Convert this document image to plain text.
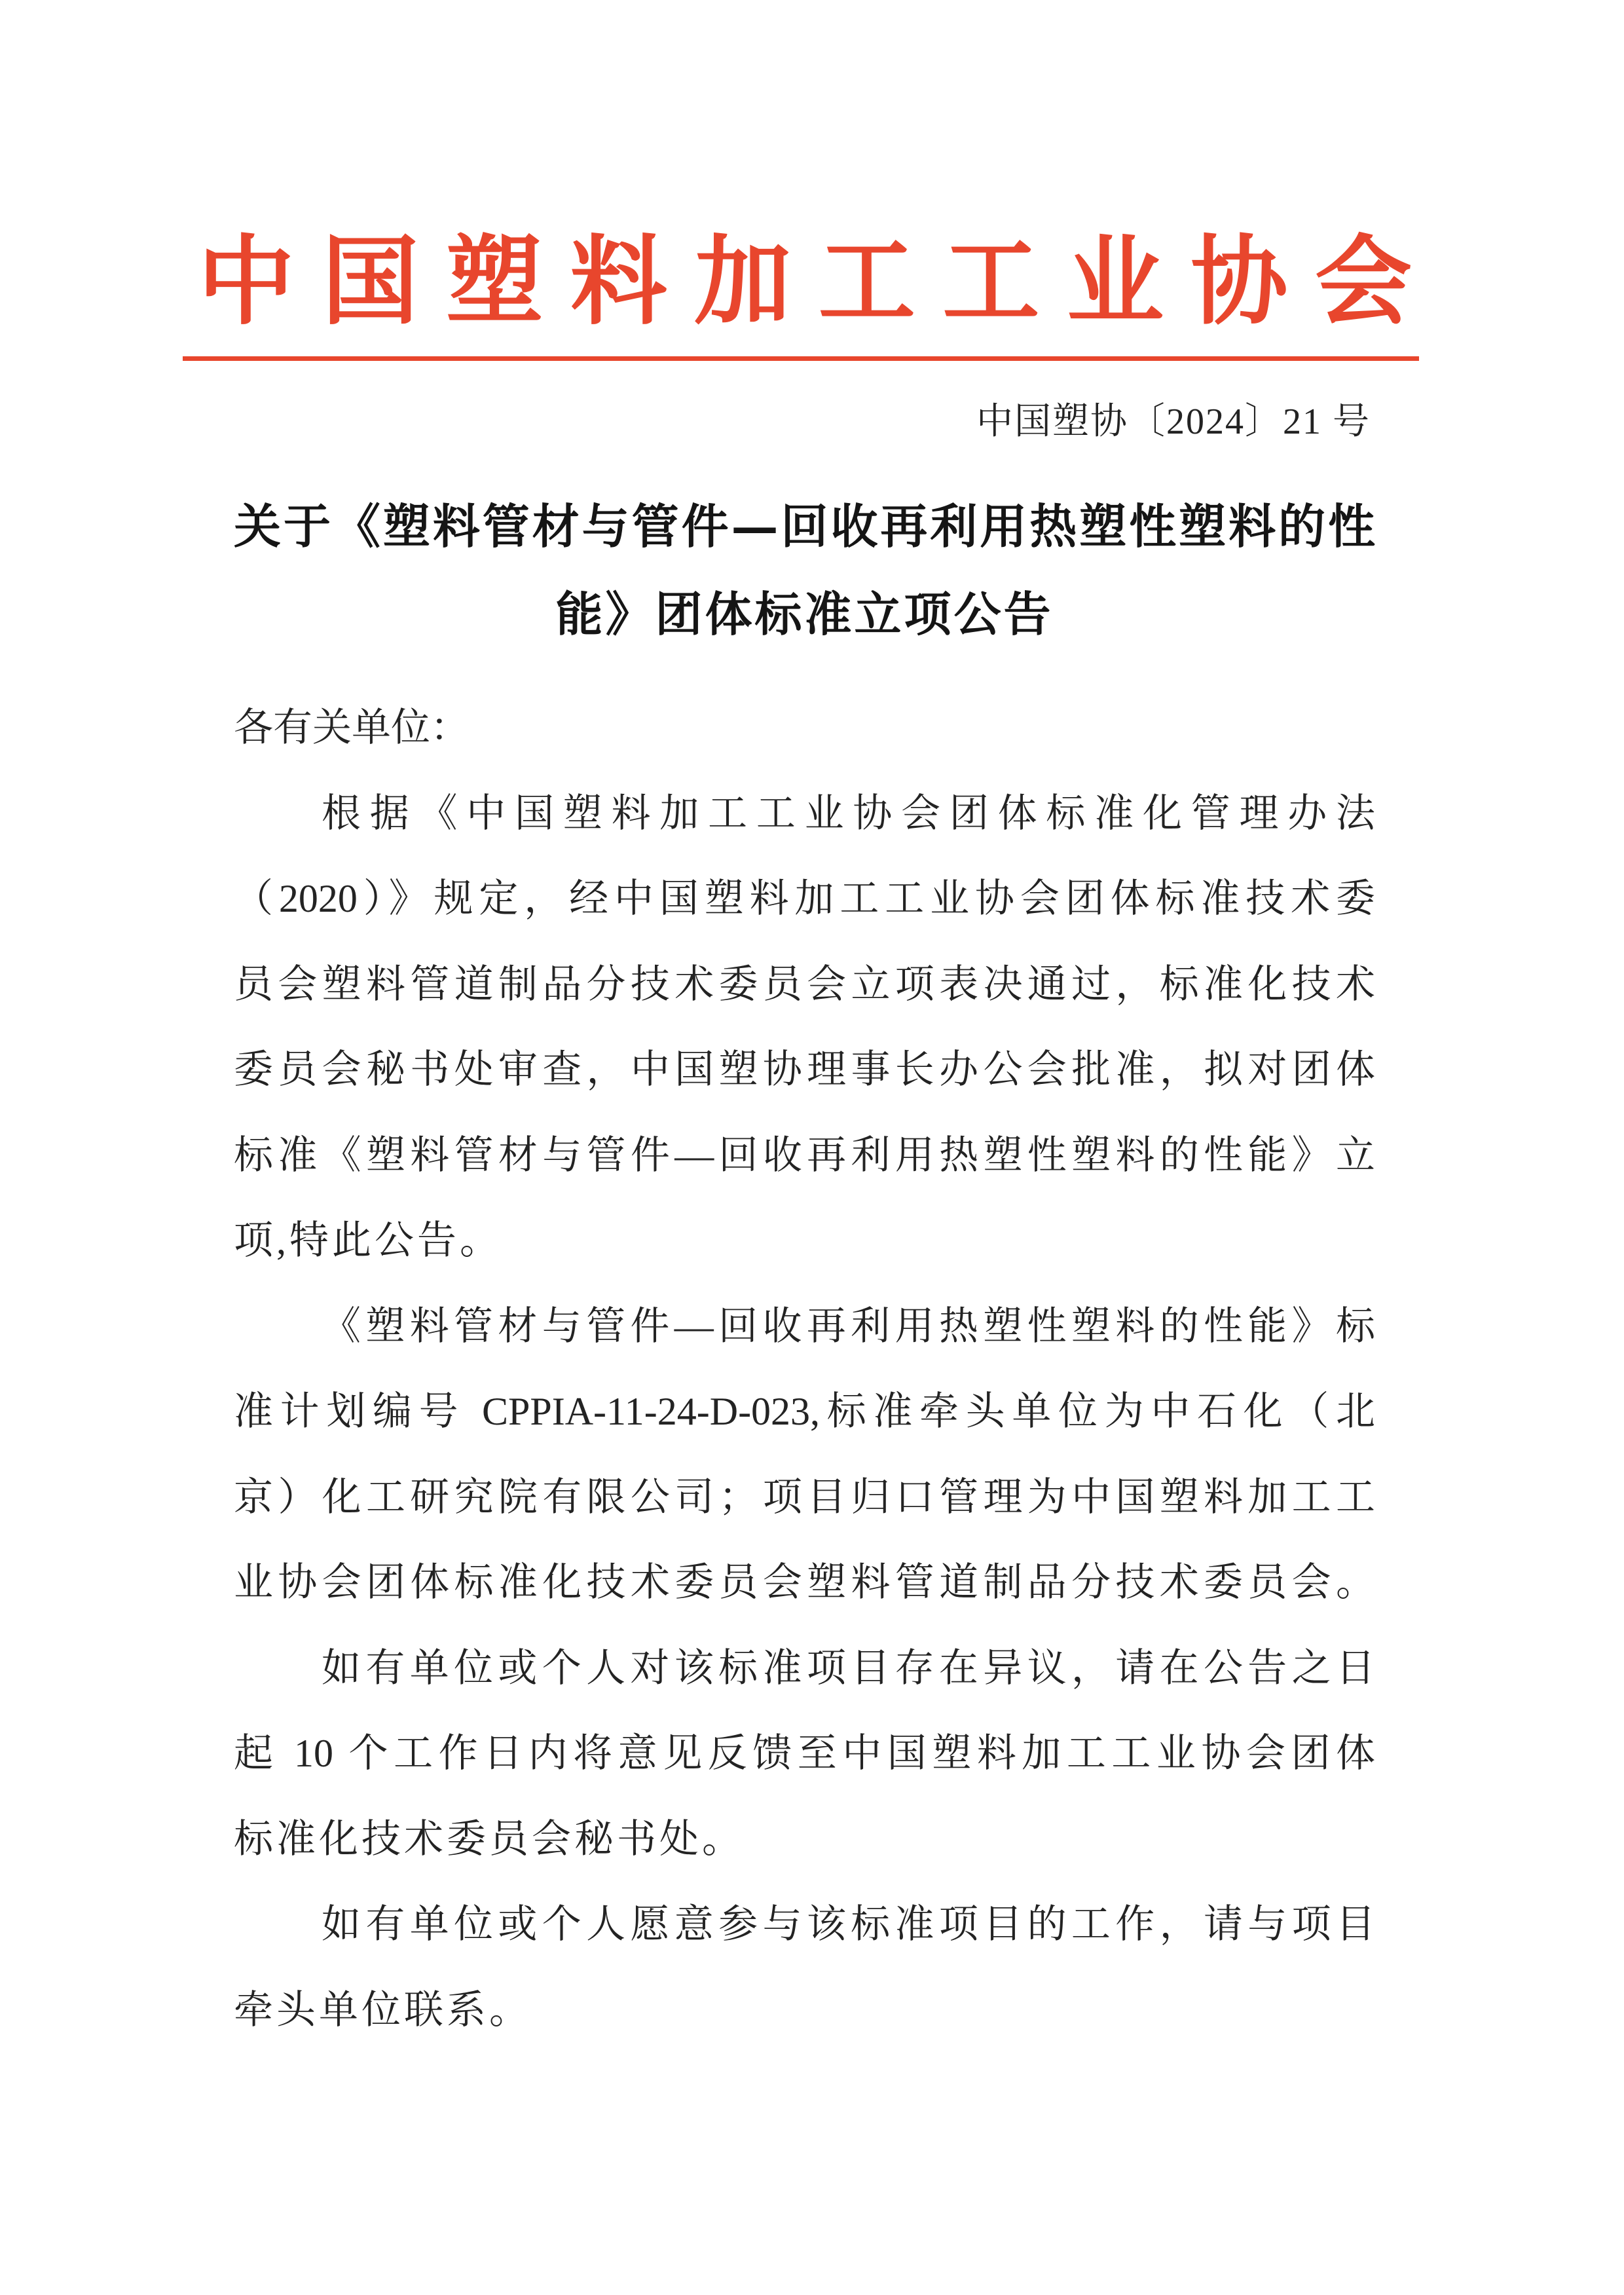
中国塑料加工工业协会
中国塑协〔2024〕21 号
关于《塑料管材与管件—回收再利用热塑性塑料的性
能》团体标准立项公告
各有关单位：
根据《中国塑料加工工业协会团体标准化管理办法
（2020）》规定，经中国塑料加工工业协会团体标准技术委
员会塑料管道制品分技术委员会立项表决通过，标准化技术
委员会秘书处审查，中国塑协理事长办公会批准，拟对团体
标准《塑料管材与管件—回收再利用热塑性塑料的性能》立
项,特此公告。
《塑料管材与管件—回收再利用热塑性塑料的性能》标
准计划编号 CPPIA-11-24-D-023,标准牵头单位为中石化（北
京）化工研究院有限公司；项目归口管理为中国塑料加工工
业协会团体标准化技术委员会塑料管道制品分技术委员会。
如有单位或个人对该标准项目存在异议，请在公告之日
起 10 个工作日内将意见反馈至中国塑料加工工业协会团体
标准化技术委员会秘书处。
如有单位或个人愿意参与该标准项目的工作，请与项目
牵头单位联系。
